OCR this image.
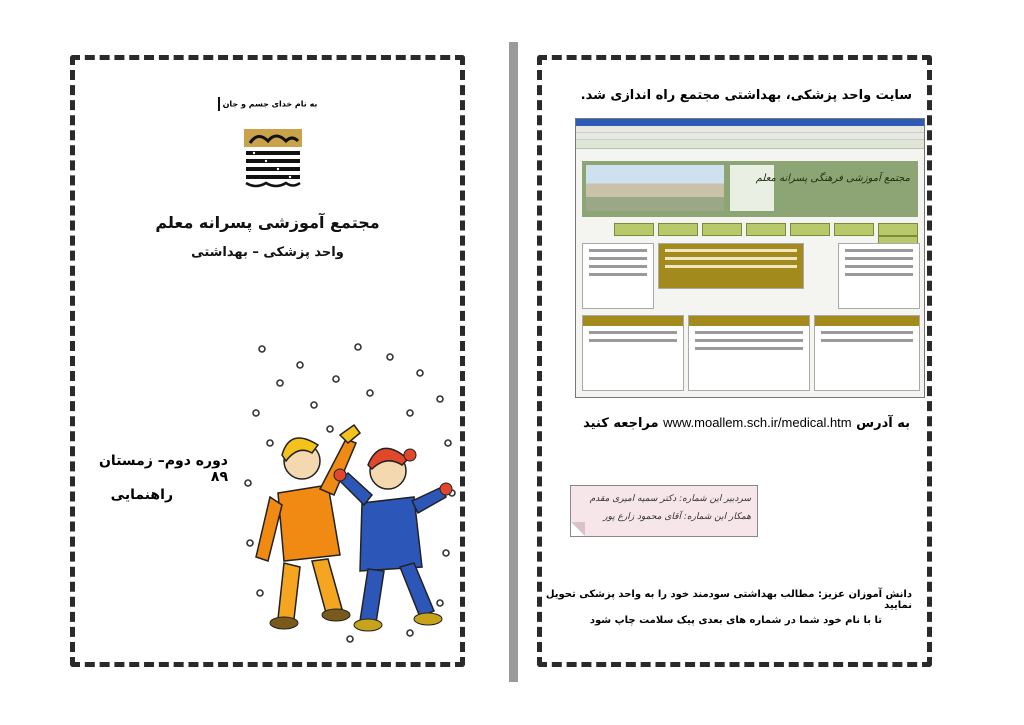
به نام خدای جسم و جان
مجتمع آموزشی پسرانه معلم
واحد پزشکی – بهداشتی
دوره دوم– زمستان ۸۹
راهنمایی
سایت واحد پزشکی، بهداشتی مجتمع راه اندازی شد.
مجتمع آموزشی فرهنگی پسرانه معلم
به آدرس www.moallem.sch.ir/medical.htm مراجعه کنید
سردبیر این شماره: دکتر سمیه امیری مقدم
همکار این شماره: آقای محمود زارع پور
دانش آموزان عزیز: مطالب بهداشتی سودمند خود را به واحد پزشکی تحویل نمایید
تا با نام خود شما در شماره های بعدی پیک سلامت چاپ شود
